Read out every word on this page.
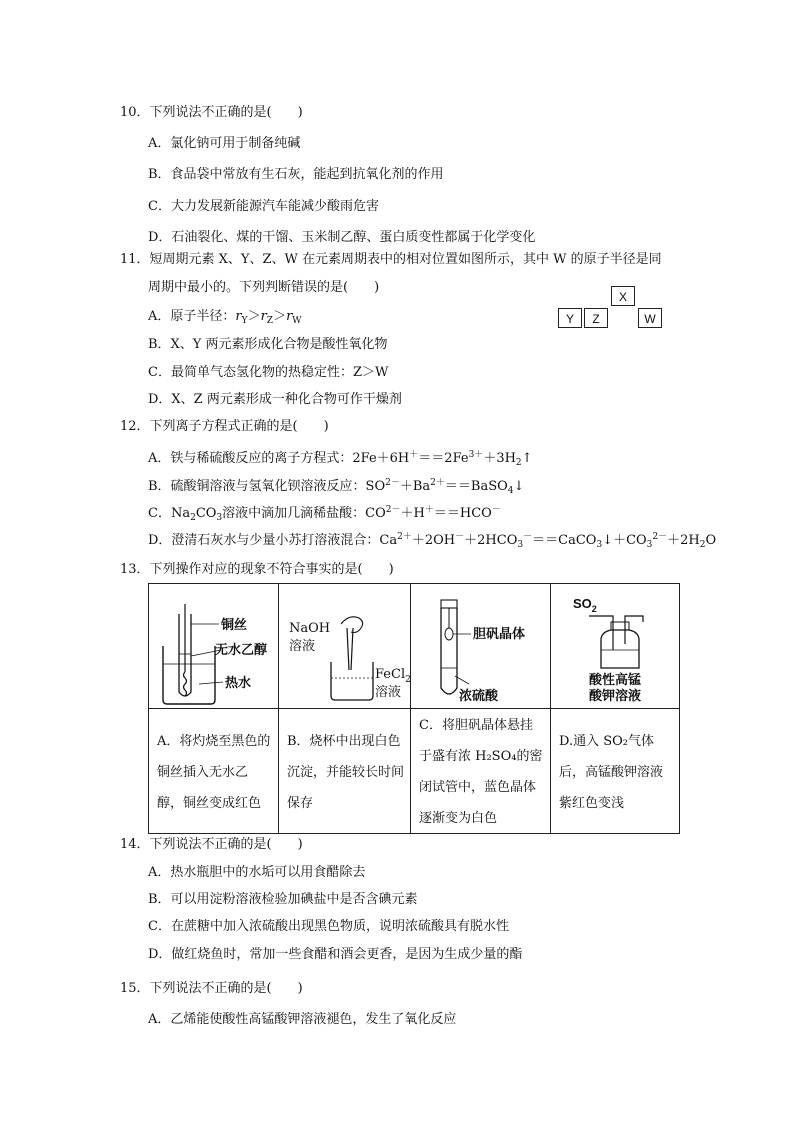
10．下列说法不正确的是(　　)
A．氯化钠可用于制备纯碱
B．食品袋中常放有生石灰，能起到抗氧化剂的作用
C．大力发展新能源汽车能减少酸雨危害
D．石油裂化、煤的干馏、玉米制乙醇、蛋白质变性都属于化学变化
11．短周期元素 X、Y、Z、W 在元素周期表中的相对位置如图所示，其中 W 的原子半径是同
周期中最小的。下列判断错误的是(　　)
A．原子半径：$r_Y>r_Z>r_W$
B．X、Y 两元素形成化合物是酸性氧化物
C．最简单气态氢化物的热稳定性：Z＞W
D．X、Z 两元素形成一种化合物可作干燥剂
X
Y	Z	W
12．下列离子方程式正确的是(　　)
A．铁与稀硫酸反应的离子方程式：$2Fe+6H^+==2Fe^{3+}+3H_2↑$
B．硫酸铜溶液与氢氧化钡溶液反应：$SO^{2-}+Ba^{2+}==BaSO_4↓$
C．$Na_2CO_3$溶液中滴加几滴稀盐酸：$CO^{2-}+H^+==HCO^-$
D．澄清石灰水与少量小苏打溶液混合：$Ca^{2+}+2OH^-+2HCO_3^-==CaCO_3↓+CO_3^{2-}+2H_2O$
13．下列操作对应的现象不符合事实的是(　　)
铜丝
无水乙醇
热水
A．将灼烧至黑色的铜丝插入无水乙醇，铜丝变成红色
NaOH
溶液
FeCl$_2$
溶液
B．烧杯中出现白色沉淀，并能较长时间保存
胆矾晶体
浓硫酸
C．将胆矾晶体悬挂于盛有浓 H₂SO₄的密闭试管中，蓝色晶体逐渐变为白色
$SO_2$
酸性高锰
酸钾溶液
D.通入 SO₂气体后，高锰酸钾溶液紫红色变浅
14．下列说法不正确的是(　　)
A．热水瓶胆中的水垢可以用食醋除去
B．可以用淀粉溶液检验加碘盐中是否含碘元素
C．在蔗糖中加入浓硫酸出现黑色物质，说明浓硫酸具有脱水性
D．做红烧鱼时，常加一些食醋和酒会更香，是因为生成少量的酯
15．下列说法不正确的是(　　)
A．乙烯能使酸性高锰酸钾溶液褪色，发生了氧化反应
